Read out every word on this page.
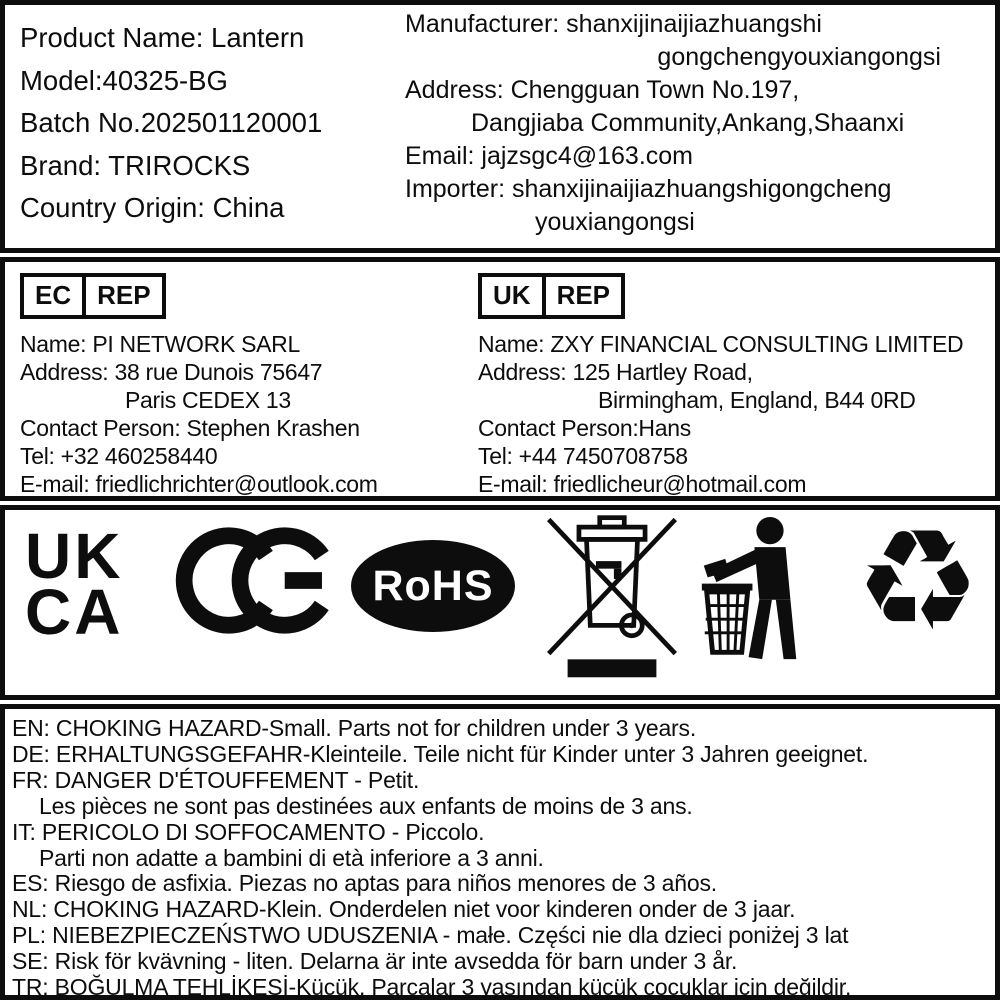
Product Name: Lantern
Model:40325-BG
Batch No.202501120001
Brand: TRIROCKS
Country Origin: China
Manufacturer: shanxijinaijiazhuangshi
gongchengyouxiangongsi
Address: Chengguan Town No.197,
Dangjiaba Community,Ankang,Shaanxi
Email: jajzsgc4@163.com
Importer: shanxijinaijiazhuangshigongcheng
youxiangongsi
EC	REP
Name: PI NETWORK SARL
Address: 38 rue Dunois 75647
Paris CEDEX 13
Contact Person: Stephen Krashen
Tel: +32 460258440
E-mail: friedlichrichter@outlook.com
UK	REP
Name: ZXY FINANCIAL CONSULTING LIMITED
Address: 125 Hartley Road,
Birmingham, England, B44 0RD
Contact Person:Hans
Tel: +44 7450708758
E-mail: friedlicheur@hotmail.com
UK
CA	RoHS	♻
EN: CHOKING HAZARD-Small. Parts not for children under 3 years.
DE: ERHALTUNGSGEFAHR-Kleinteile. Teile nicht für Kinder unter 3 Jahren geeignet.
FR: DANGER D'ÉTOUFFEMENT - Petit.
Les pièces ne sont pas destinées aux enfants de moins de 3 ans.
IT: PERICOLO DI SOFFOCAMENTO - Piccolo.
Parti non adatte a bambini di età inferiore a 3 anni.
ES: Riesgo de asfixia. Piezas no aptas para niños menores de 3 años.
NL: CHOKING HAZARD-Klein. Onderdelen niet voor kinderen onder de 3 jaar.
PL: NIEBEZPIECZEŃSTWO UDUSZENIA - małe. Części nie dla dzieci poniżej 3 lat
SE: Risk för kvävning - liten. Delarna är inte avsedda för barn under 3 år.
TR: BOĞULMA TEHLİKESİ-Küçük. Parçalar 3 yaşından küçük çocuklar için değildir.
